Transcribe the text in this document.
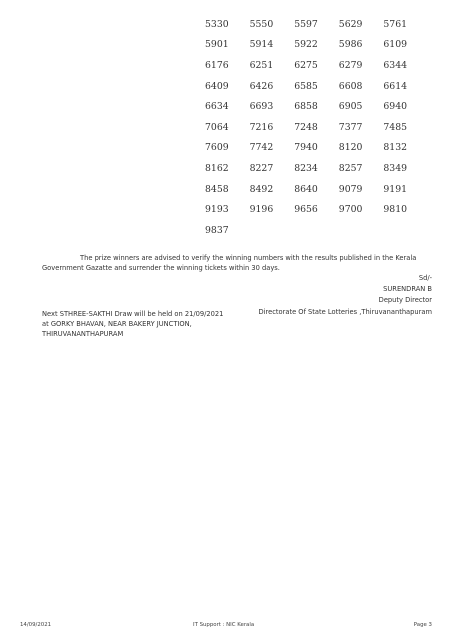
5330	5550	5597	5629	5761
5901	5914	5922	5986	6109
6176	6251	6275	6279	6344
6409	6426	6585	6608	6614
6634	6693	6858	6905	6940
7064	7216	7248	7377	7485
7609	7742	7940	8120	8132
8162	8227	8234	8257	8349
8458	8492	8640	9079	9191
9193	9196	9656	9700	9810
9837
The prize winners are advised to verify the winning numbers with the results published in the Kerala
Government Gazatte and surrender the winning tickets within 30 days.
Sd/-
SURENDRAN B
Deputy Director
Directorate Of State Lotteries ,Thiruvananthapuram
Next STHREE-SAKTHI Draw will be held on 21/09/2021
at GORKY BHAVAN, NEAR BAKERY JUNCTION,
THIRUVANANTHAPURAM
14/09/2021	IT Support : NIC Kerala	Page 3
